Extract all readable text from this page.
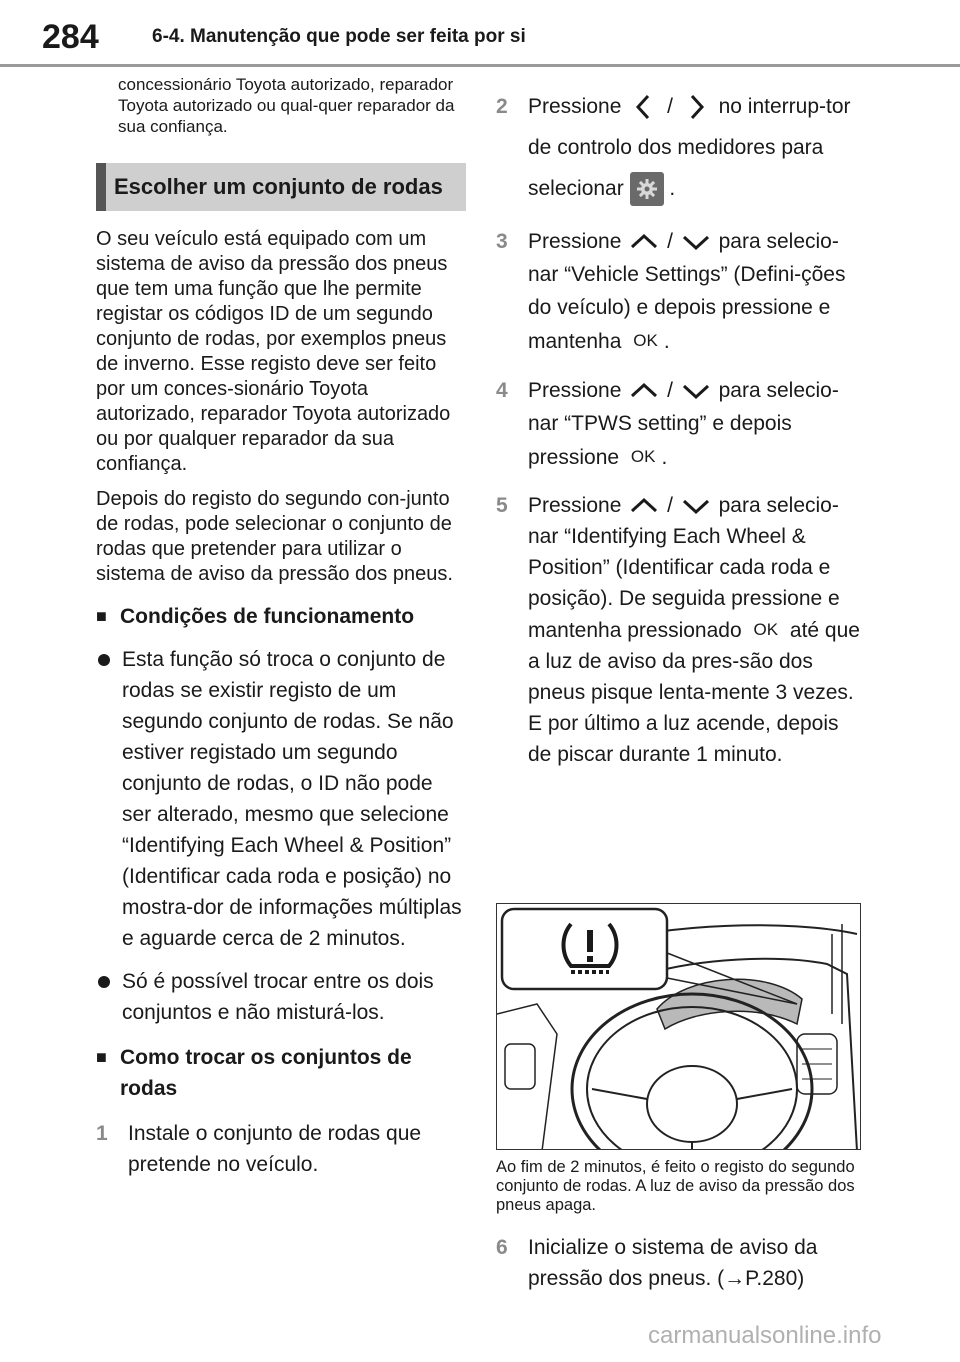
284	6-4. Manutenção que pode ser feita por si

concessionário Toyota autorizado, reparador Toyota autorizado ou qual-quer reparador da sua confiança.

Escolher um conjunto de rodas

O seu veículo está equipado com um sistema de aviso da pressão dos pneus que tem uma função que lhe permite registar os códigos ID de um segundo conjunto de rodas, por exemplos pneus de inverno. Esse registo deve ser feito por um conces-sionário Toyota autorizado, reparador Toyota autorizado ou por qualquer reparador da sua confiança.

Depois do registo do segundo con-junto de rodas, pode selecionar o conjunto de rodas que pretender para utilizar o sistema de aviso da pressão dos pneus.

■ Condições de funcionamento
Esta função só troca o conjunto de rodas se existir registo de um segundo conjunto de rodas. Se não estiver registado um segundo conjunto de rodas, o ID não pode ser alterado, mesmo que selecione “Identifying Each Wheel & Position” (Identificar cada roda e posição) no mostra-dor de informações múltiplas e aguarde cerca de 2 minutos.
Só é possível trocar entre os dois conjuntos e não misturá-los.
■ Como trocar os conjuntos de rodas
1 Instale o conjunto de rodas que pretende no veículo.
2 Pressione / no interrup-tor de controlo dos medidores para selecionar .
3 Pressione / para selecio-nar “Vehicle Settings” (Defini-ções do veículo) e depois pressione e mantenha OK .
4 Pressione / para selecio-nar “TPWS setting” e depois pressione OK .
5 Pressione / para selecio-nar “Identifying Each Wheel & Position” (Identificar cada roda e posição). De seguida pressione e mantenha pressionado OK até que a luz de aviso da pres-são dos pneus pisque lenta-mente 3 vezes. E por último a luz acende, depois de piscar durante 1 minuto.
Ao fim de 2 minutos, é feito o registo do segundo conjunto de rodas. A luz de aviso da pressão dos pneus apaga.
6 Inicialize o sistema de aviso da pressão dos pneus. (→P.280)
carmanualsonline.info
